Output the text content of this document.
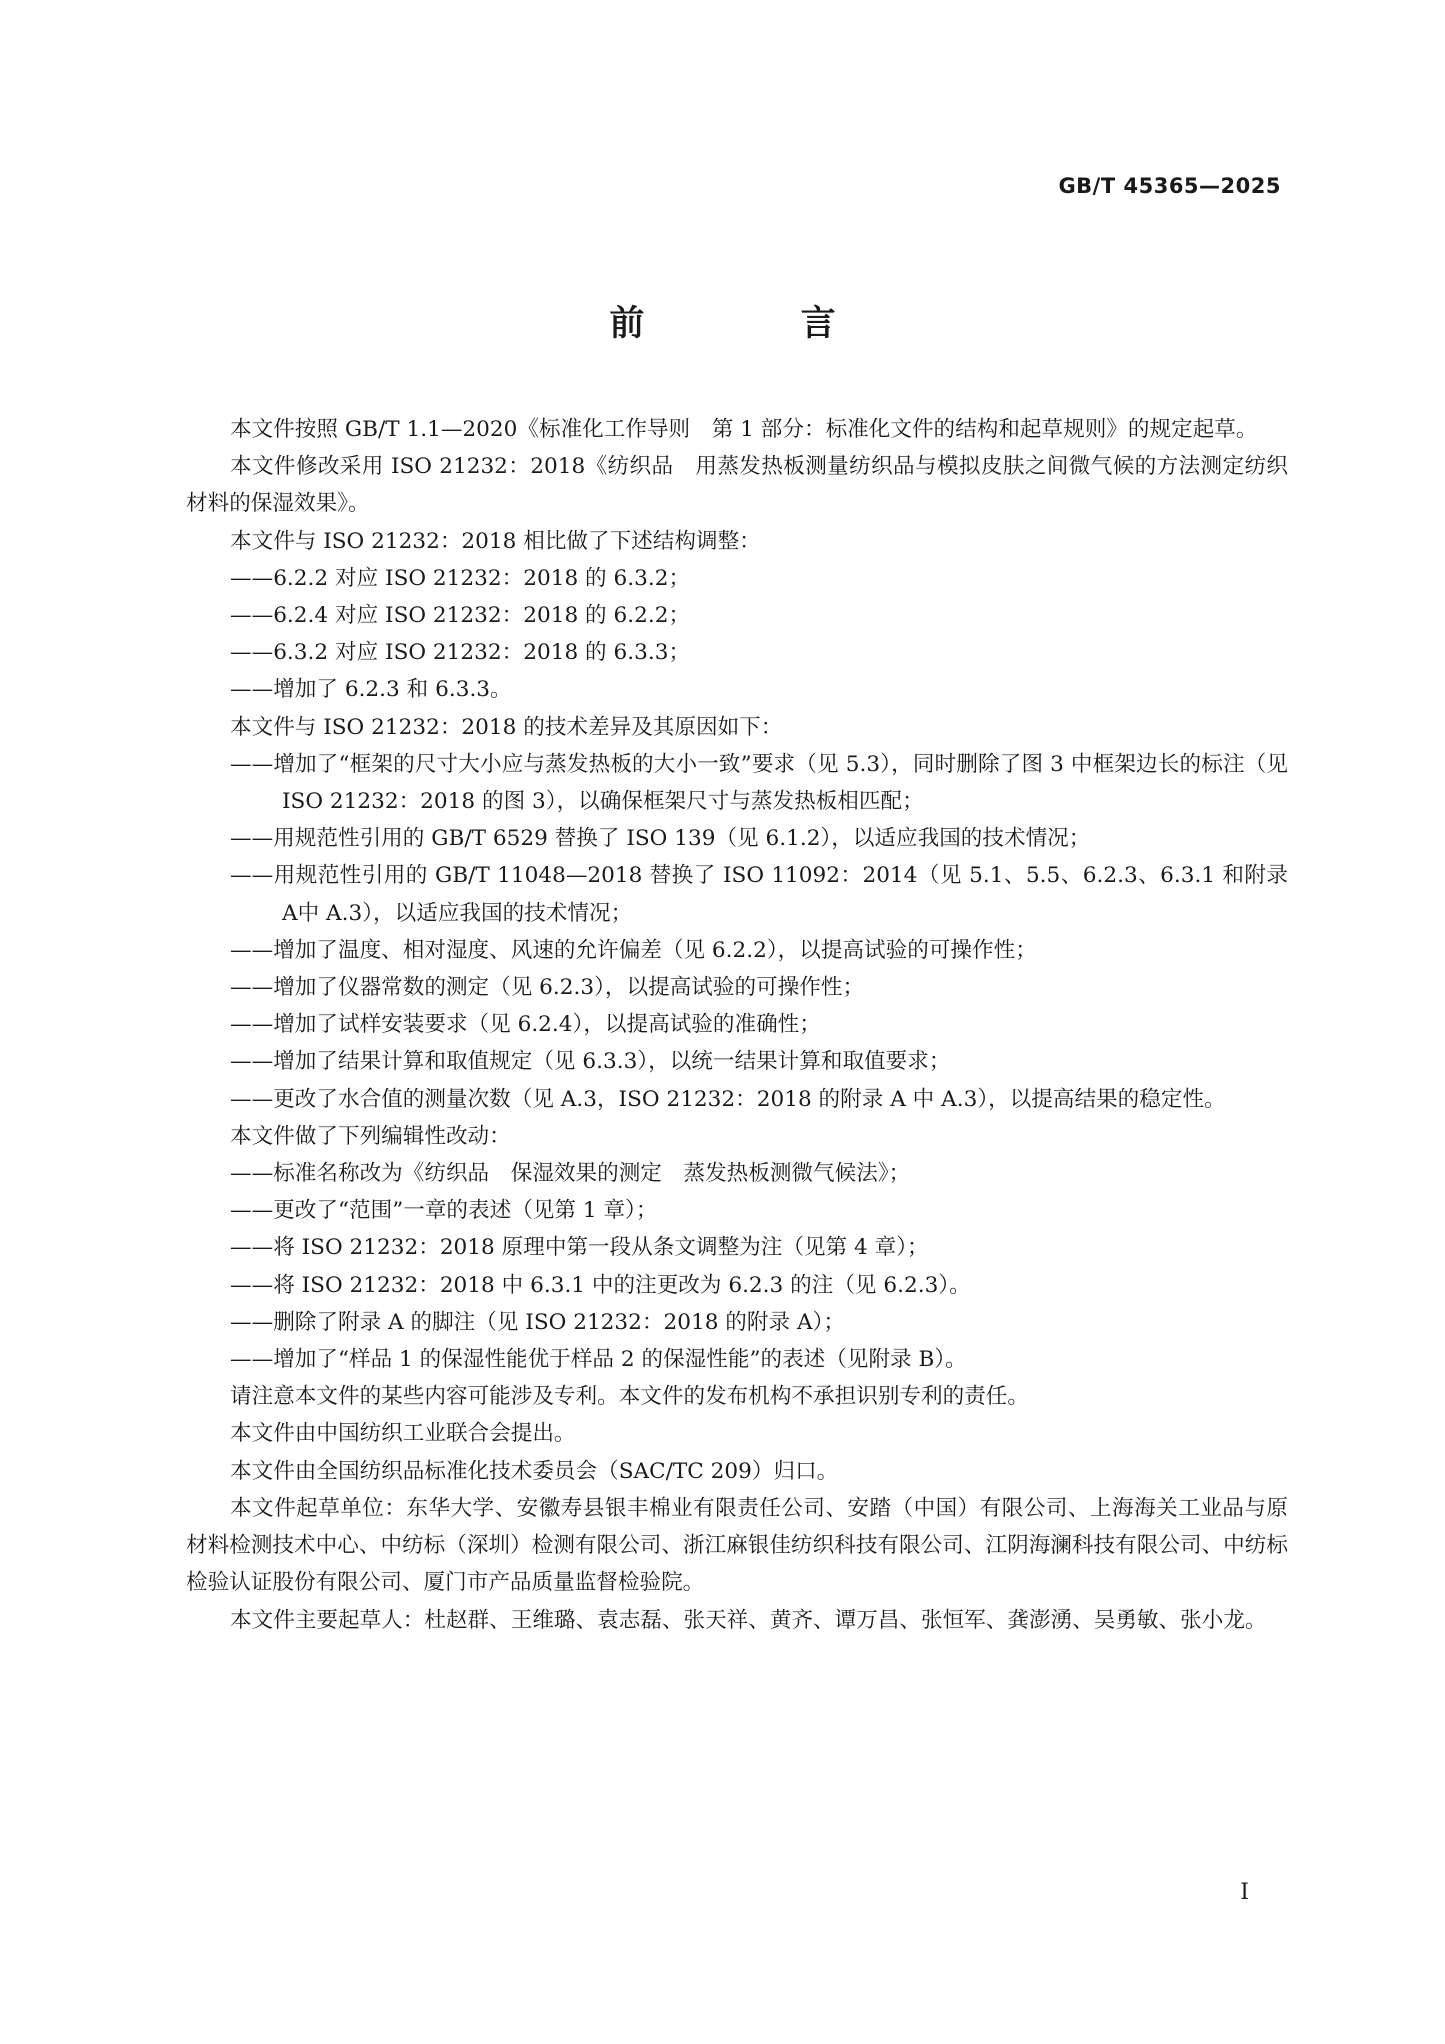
GB/T 45365—2025
前 言

本文件按照 GB/T 1.1—2020《标准化工作导则　第 1 部分：标准化文件的结构和起草规则》的规定起草。

本文件修改采用 ISO 21232：2018《纺织品　用蒸发热板测量纺织品与模拟皮肤之间微气候的方法测定纺织材料的保湿效果》。

本文件与 ISO 21232：2018 相比做了下述结构调整：

——6.2.2 对应 ISO 21232：2018 的 6.3.2；

——6.2.4 对应 ISO 21232：2018 的 6.2.2；

——6.3.2 对应 ISO 21232：2018 的 6.3.3；

——增加了 6.2.3 和 6.3.3。

本文件与 ISO 21232：2018 的技术差异及其原因如下：

——增加了“框架的尺寸大小应与蒸发热板的大小一致”要求（见 5.3），同时删除了图 3 中框架边长的标注（见 ISO 21232：2018 的图 3），以确保框架尺寸与蒸发热板相匹配；

——用规范性引用的 GB/T 6529 替换了 ISO 139（见 6.1.2），以适应我国的技术情况；

——用规范性引用的 GB/T 11048—2018 替换了 ISO 11092：2014（见 5.1、5.5、6.2.3、6.3.1 和附录 A中 A.3），以适应我国的技术情况；

——增加了温度、相对湿度、风速的允许偏差（见 6.2.2），以提高试验的可操作性；

——增加了仪器常数的测定（见 6.2.3），以提高试验的可操作性；

——增加了试样安装要求（见 6.2.4），以提高试验的准确性；

——增加了结果计算和取值规定（见 6.3.3），以统一结果计算和取值要求；

——更改了水合值的测量次数（见 A.3，ISO 21232：2018 的附录 A 中 A.3），以提高结果的稳定性。

本文件做了下列编辑性改动：

——标准名称改为《纺织品　保湿效果的测定　蒸发热板测微气候法》；

——更改了“范围”一章的表述（见第 1 章）；

——将 ISO 21232：2018 原理中第一段从条文调整为注（见第 4 章）；

——将 ISO 21232：2018 中 6.3.1 中的注更改为 6.2.3 的注（见 6.2.3）。

——删除了附录 A 的脚注（见 ISO 21232：2018 的附录 A）；

——增加了“样品 1 的保湿性能优于样品 2 的保湿性能”的表述（见附录 B）。

请注意本文件的某些内容可能涉及专利。本文件的发布机构不承担识别专利的责任。

本文件由中国纺织工业联合会提出。

本文件由全国纺织品标准化技术委员会（SAC/TC 209）归口。

本文件起草单位：东华大学、安徽寿县银丰棉业有限责任公司、安踏（中国）有限公司、上海海关工业品与原材料检测技术中心、中纺标（深圳）检测有限公司、浙江麻银佳纺织科技有限公司、江阴海澜科技有限公司、中纺标检验认证股份有限公司、厦门市产品质量监督检验院。

本文件主要起草人：杜赵群、王维璐、袁志磊、张天祥、黄齐、谭万昌、张恒军、龚澎湧、吴勇敏、张小龙。

I
